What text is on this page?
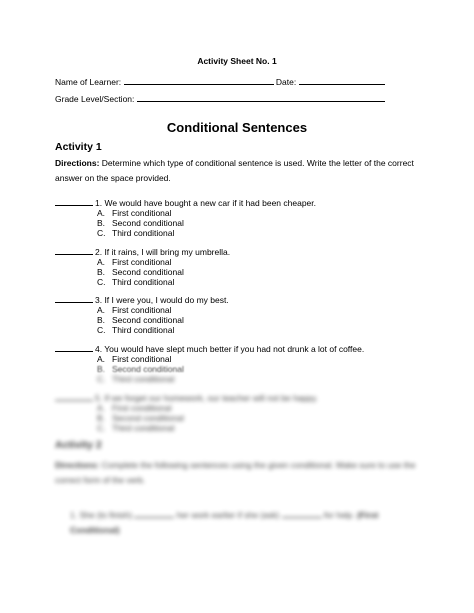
Activity Sheet No. 1
Name of Learner:	Date:
Grade Level/Section:
Conditional Sentences
Activity 1
Directions: Determine which type of conditional sentence is used. Write the letter of the correct answer on the space provided.
1. We would have bought a new car if it had been cheaper.
A. First conditional
B. Second conditional
C. Third conditional
2. If it rains, I will bring my umbrella.
A. First conditional
B. Second conditional
C. Third conditional
3. If I were you, I would do my best.
A. First conditional
B. Second conditional
C. Third conditional
4. You would have slept much better if you had not drunk a lot of coffee.
A. First conditional
B. Second conditional
C. Third conditional
5. If we forget our homework, our teacher will not be happy.
A. First conditional
B. Second conditional
C. Third conditional
Activity 2
Directions: Complete the following sentences using the given conditional. Make sure to use the correct form of the verb.
1. She (to finish)	her work earlier if she (ask)	for help. (First Conditional)
